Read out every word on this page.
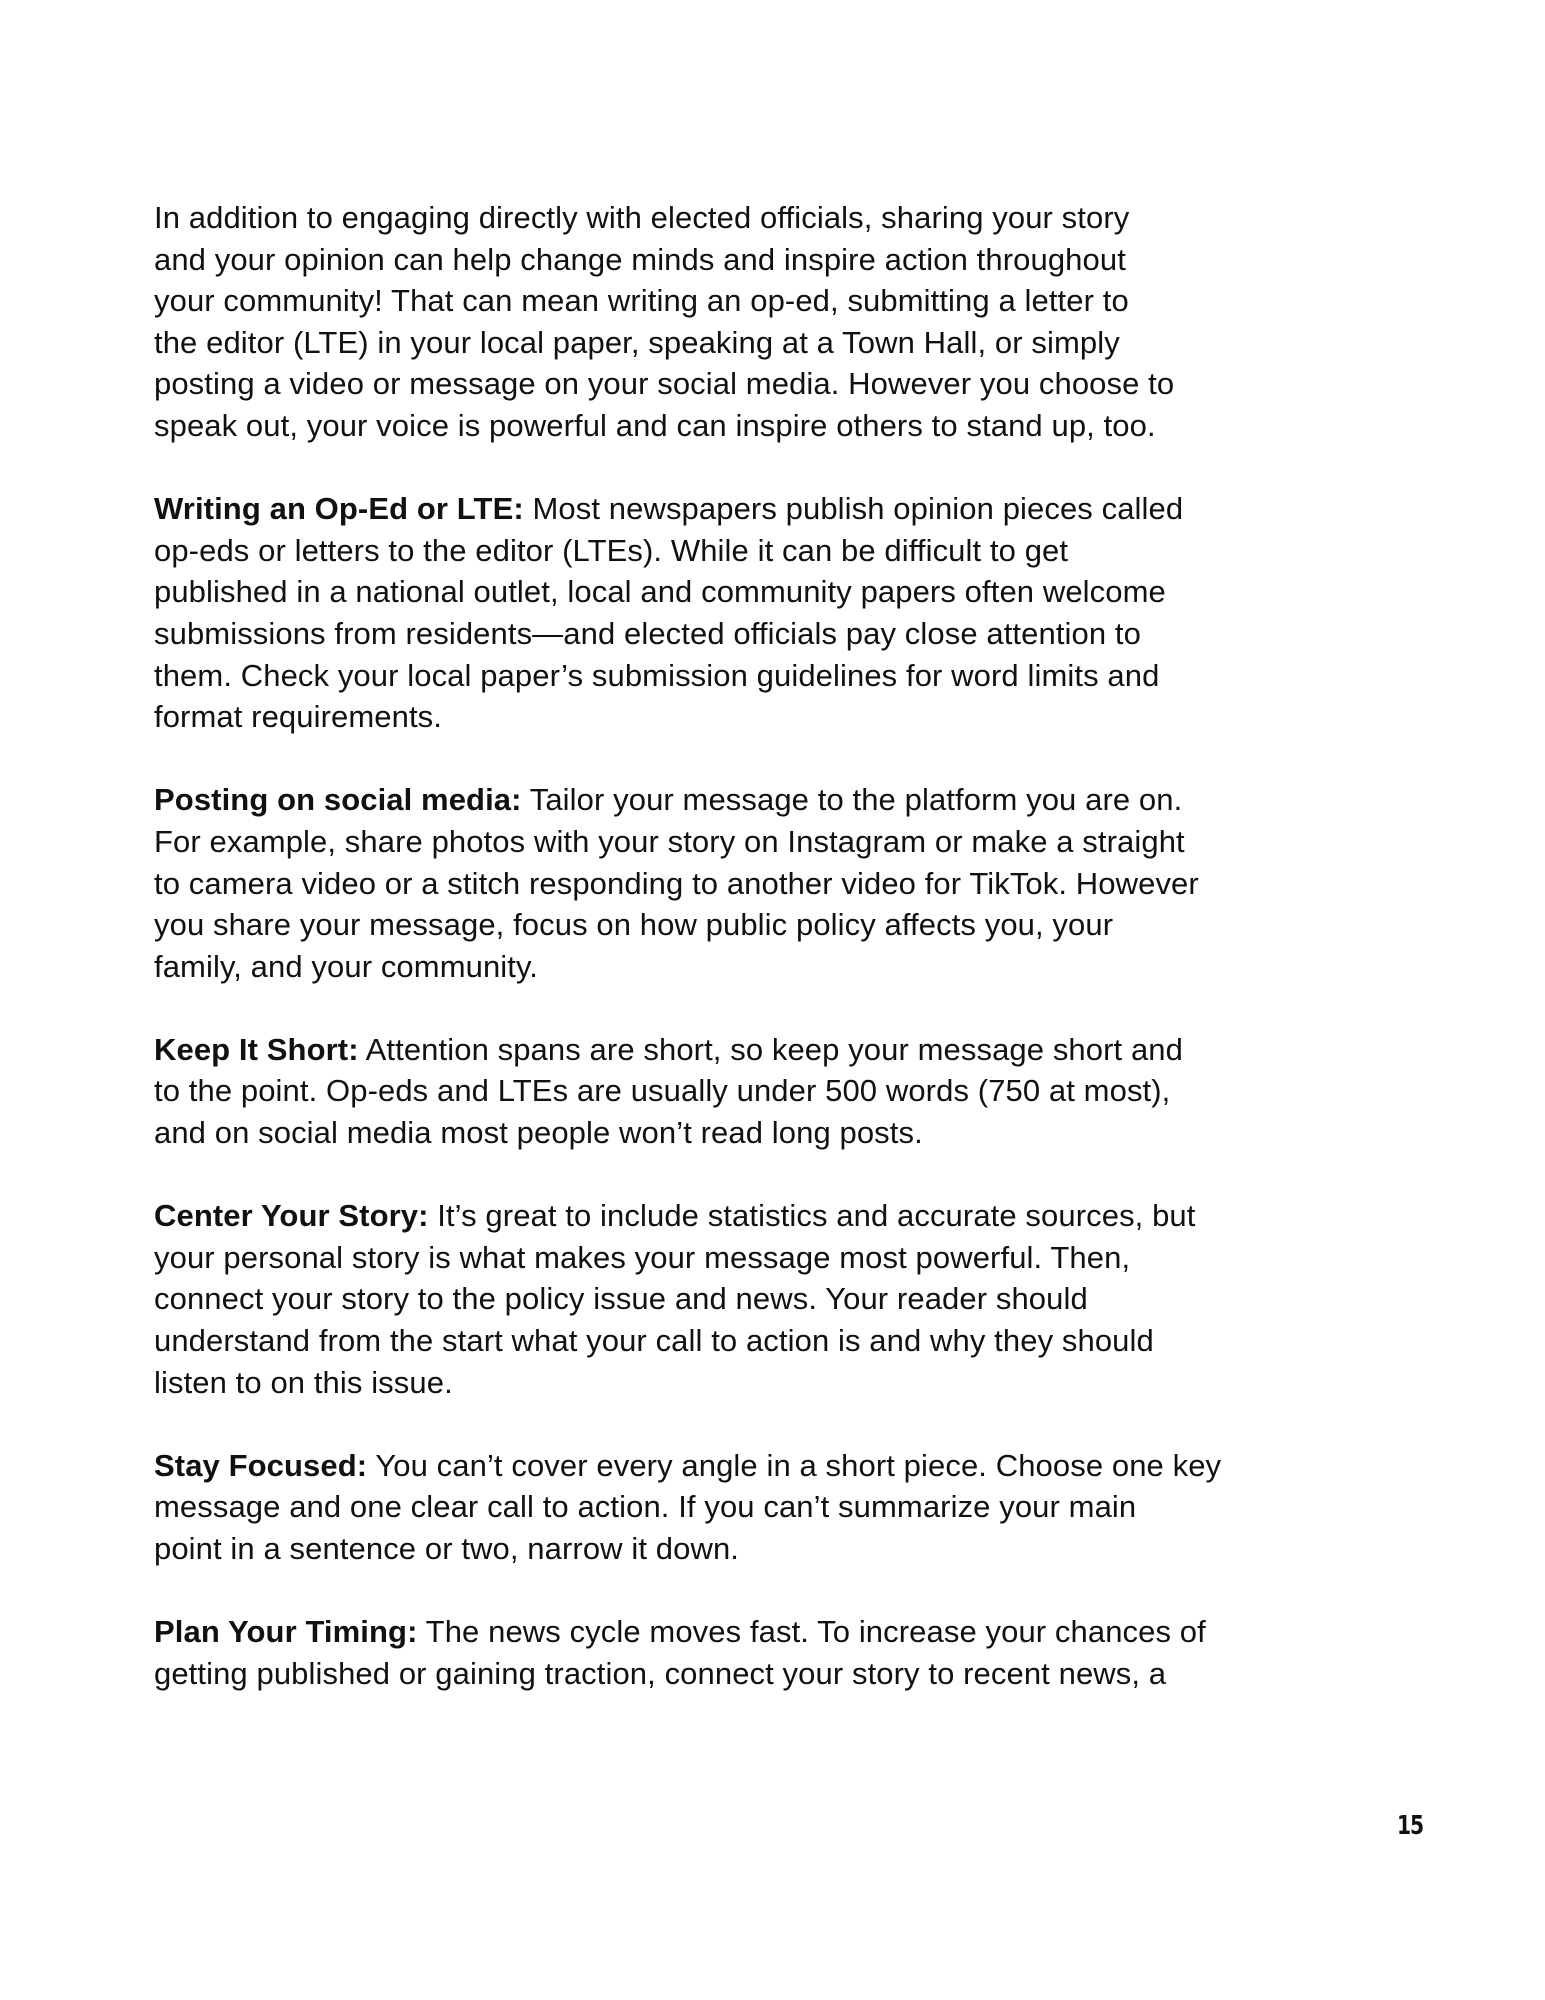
In addition to engaging directly with elected officials, sharing your story
and your opinion can help change minds and inspire action throughout
your community! That can mean writing an op-ed, submitting a letter to
the editor (LTE) in your local paper, speaking at a Town Hall, or simply
posting a video or message on your social media. However you choose to
speak out, your voice is powerful and can inspire others to stand up, too.

Writing an Op-Ed or LTE: Most newspapers publish opinion pieces called
op-eds or letters to the editor (LTEs). While it can be difficult to get
published in a national outlet, local and community papers often welcome
submissions from residents—and elected officials pay close attention to
them. Check your local paper’s submission guidelines for word limits and
format requirements.

Posting on social media: Tailor your message to the platform you are on.
For example, share photos with your story on Instagram or make a straight
to camera video or a stitch responding to another video for TikTok. However
you share your message, focus on how public policy affects you, your
family, and your community.

Keep It Short: Attention spans are short, so keep your message short and
to the point. Op-eds and LTEs are usually under 500 words (750 at most),
and on social media most people won’t read long posts.

Center Your Story: It’s great to include statistics and accurate sources, but
your personal story is what makes your message most powerful. Then,
connect your story to the policy issue and news. Your reader should
understand from the start what your call to action is and why they should
listen to on this issue.

Stay Focused: You can’t cover every angle in a short piece. Choose one key
message and one clear call to action. If you can’t summarize your main
point in a sentence or two, narrow it down.

Plan Your Timing: The news cycle moves fast. To increase your chances of
getting published or gaining traction, connect your story to recent news, a

15
